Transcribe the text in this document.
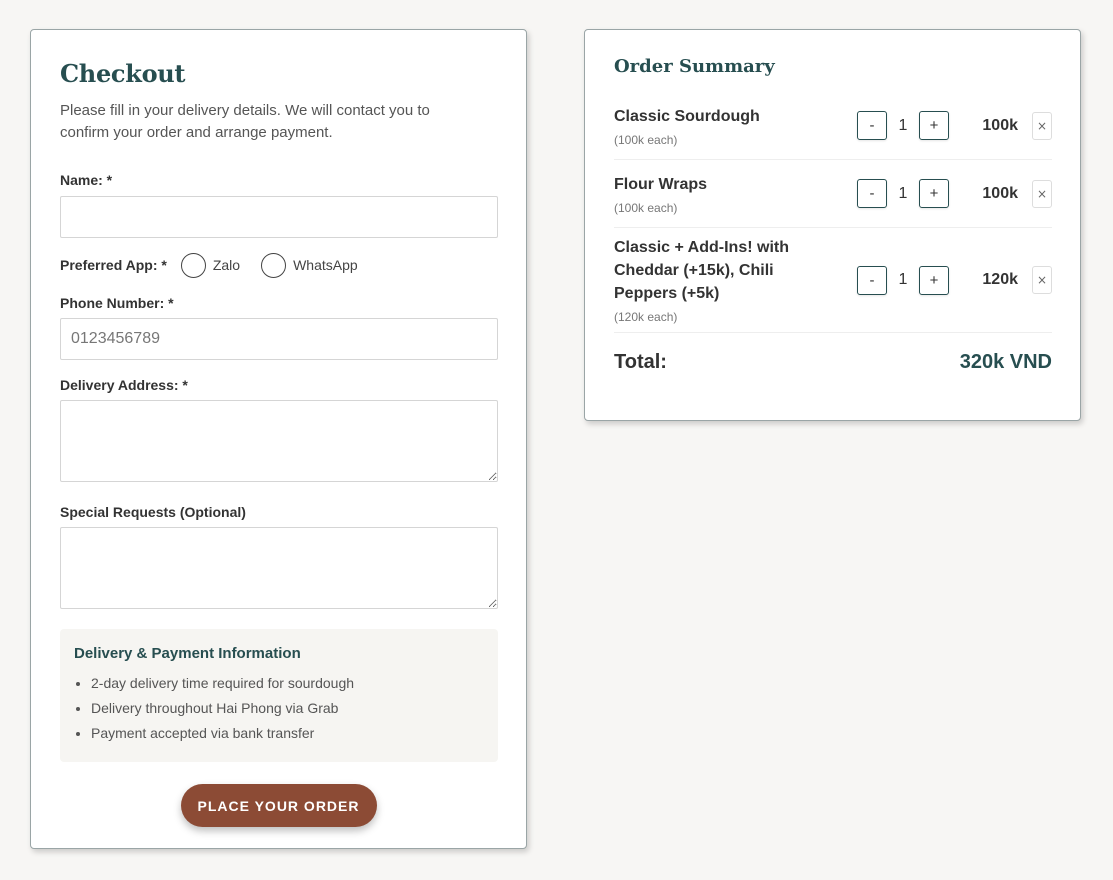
Checkout

Please fill in your delivery details. We will contact you to confirm your order and arrange payment.

Name: *
Preferred App: *	Zalo	WhatsApp
Phone Number: *
0123456789
Delivery Address: *
Special Requests (Optional)
Delivery & Payment Information
• 2-day delivery time required for sourdough
• Delivery throughout Hai Phong via Grab
• Payment accepted via bank transfer
PLACE YOUR ORDER
Order Summary
Classic Sourdough
(100k each)
-	1	+	100k	×
Flour Wraps
(100k each)
-	1	+	100k	×
Classic + Add-Ins! with Cheddar (+15k), Chili Peppers (+5k)
(120k each)
-	1	+	120k	×
Total:	320k VND
